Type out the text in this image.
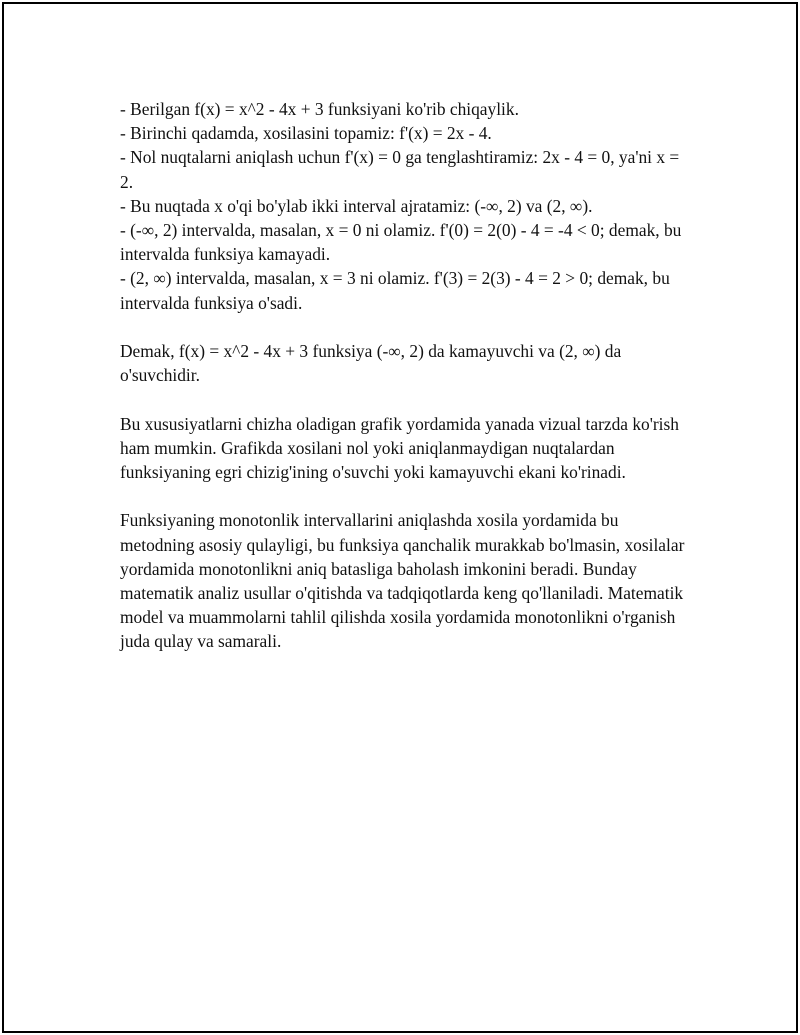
- Berilgan f(x) = x^2 - 4x + 3 funksiyani ko'rib chiqaylik.
- Birinchi qadamda, xosilasini topamiz: f'(x) = 2x - 4.
- Nol nuqtalarni aniqlash uchun f'(x) = 0 ga tenglashtiramiz: 2x - 4 = 0, ya'ni x = 2.
- Bu nuqtada x o'qi bo'ylab ikki interval ajratamiz: (-∞, 2) va (2, ∞).
- (-∞, 2) intervalda, masalan, x = 0 ni olamiz. f'(0) = 2(0) - 4 = -4 < 0; demak, bu intervalda funksiya kamayadi.
- (2, ∞) intervalda, masalan, x = 3 ni olamiz. f'(3) = 2(3) - 4 = 2 > 0; demak, bu intervalda funksiya o'sadi.

Demak, f(x) = x^2 - 4x + 3 funksiya (-∞, 2) da kamayuvchi va (2, ∞) da o'suvchidir.

Bu xususiyatlarni chizha oladigan grafik yordamida yanada vizual tarzda ko'rish ham mumkin. Grafikda xosilani nol yoki aniqlanmaydigan nuqtalardan funksiyaning egri chizig'ining o'suvchi yoki kamayuvchi ekani ko'rinadi.

Funksiyaning monotonlik intervallarini aniqlashda xosila yordamida bu metodning asosiy qulayligi, bu funksiya qanchalik murakkab bo'lmasin, xosilalar yordamida monotonlikni aniq batasliga baholash imkonini beradi. Bunday matematik analiz usullar o'qitishda va tadqiqotlarda keng qo'llaniladi. Matematik model va muammolarni tahlil qilishda xosila yordamida monotonlikni o'rganish juda qulay va samarali.
